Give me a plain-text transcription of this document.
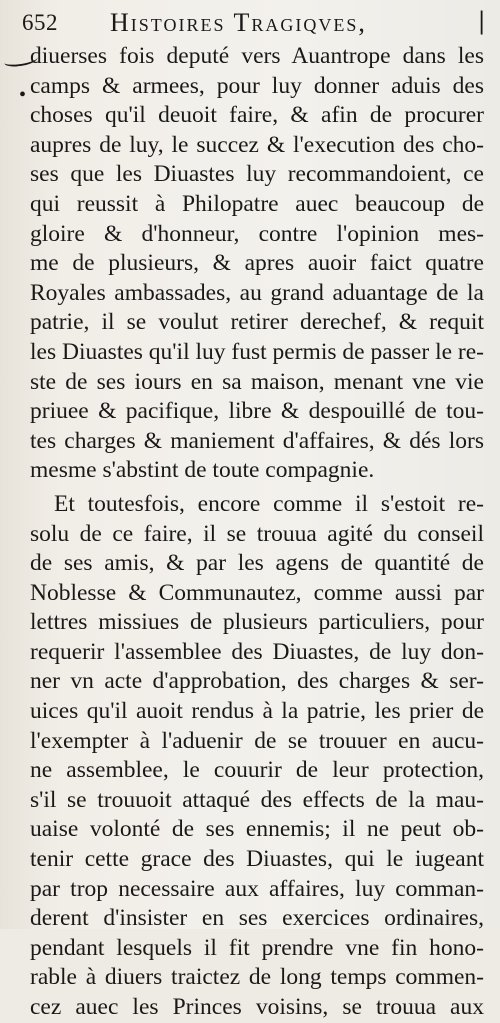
652 Histoires Tragiqves,	|
•
diuerses fois deputé vers Auantrope dans les
camps & armees, pour luy donner aduis des
choses qu'il deuoit faire, & afin de procurer
aupres de luy, le succez & l'execution des cho-
ses que les Diuastes luy recommandoient, ce
qui reussit à Philopatre auec beaucoup de
gloire & d'honneur, contre l'opinion mes-
me de plusieurs, & apres auoir faict quatre
Royales ambassades, au grand aduantage de la
patrie, il se voulut retirer derechef, & requit
les Diuastes qu'il luy fust permis de passer le re-
ste de ses iours en sa maison, menant vne vie
priuee & pacifique, libre & despouillé de tou-
tes charges & maniement d'affaires, & dés lors
mesme s'abstint de toute compagnie.
Et toutesfois, encore comme il s'estoit re-
solu de ce faire, il se trouua agité du conseil
de ses amis, & par les agens de quantité de
Noblesse & Communautez, comme aussi par
lettres missiues de plusieurs particuliers, pour
requerir l'assemblee des Diuastes, de luy don-
ner vn acte d'approbation, des charges & ser-
uices qu'il auoit rendus à la patrie, les prier de
l'exempter à l'aduenir de se trouuer en aucu-
ne assemblee, le couurir de leur protection,
s'il se trouuoit attaqué des effects de la mau-
uaise volonté de ses ennemis; il ne peut ob-
tenir cette grace des Diuastes, qui le iugeant
par trop necessaire aux affaires, luy comman-
derent d'insister en ses exercices ordinaires,
pendant lesquels il fit prendre vne fin hono-
rable à diuers traictez de long temps commen-
cez auec les Princes voisins, se trouua aux
